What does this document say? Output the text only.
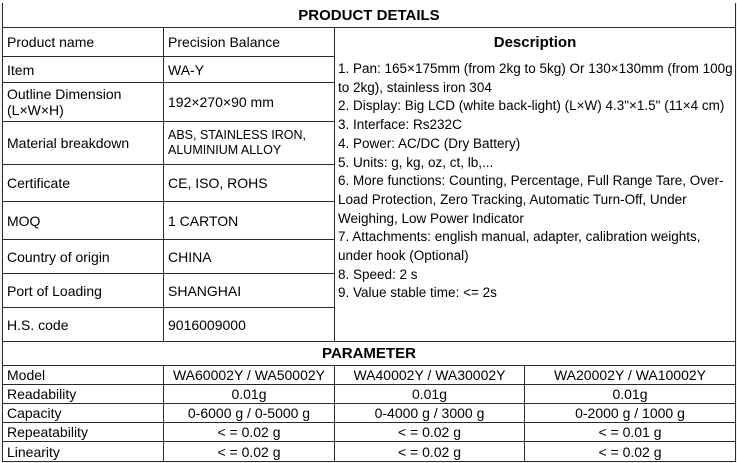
PRODUCT DETAILS
Product name	Precision Balance
Item	WA-Y
Outline Dimension (L×W×H)	192×270×90 mm
Material breakdown	ABS, STAINLESS IRON, ALUMINIUM ALLOY
Certificate	CE, ISO, ROHS
MOQ	1 CARTON
Country of origin	CHINA
Port of Loading	SHANGHAI
H.S. code	9016009000
Description
1. Pan: 165×175mm (from 2kg to 5kg) Or 130×130mm (from 100g to 2kg), stainless iron 304
2. Display: Big LCD (white back-light) (L×W) 4.3"×1.5" (11×4 cm)
3. Interface: Rs232C
4. Power: AC/DC (Dry Battery)
5. Units: g, kg, oz, ct, lb,...
6. More functions: Counting, Percentage, Full Range Tare, Over-Load Protection, Zero Tracking, Automatic Turn-Off, Under Weighing, Low Power Indicator
7. Attachments: english manual, adapter, calibration weights, under hook (Optional)
8. Speed: 2 s
9. Value stable time: <= 2s
PARAMETER
Model	WA60002Y / WA50002Y	WA40002Y / WA30002Y	WA20002Y / WA10002Y
Readability	0.01g	0.01g	0.01g
Capacity	0-6000 g / 0-5000 g	0-4000 g / 3000 g	0-2000 g / 1000 g
Repeatability	< = 0.02 g	< = 0.02 g	< = 0.01 g
Linearity	< = 0.02 g	< = 0.02 g	< = 0.02 g
